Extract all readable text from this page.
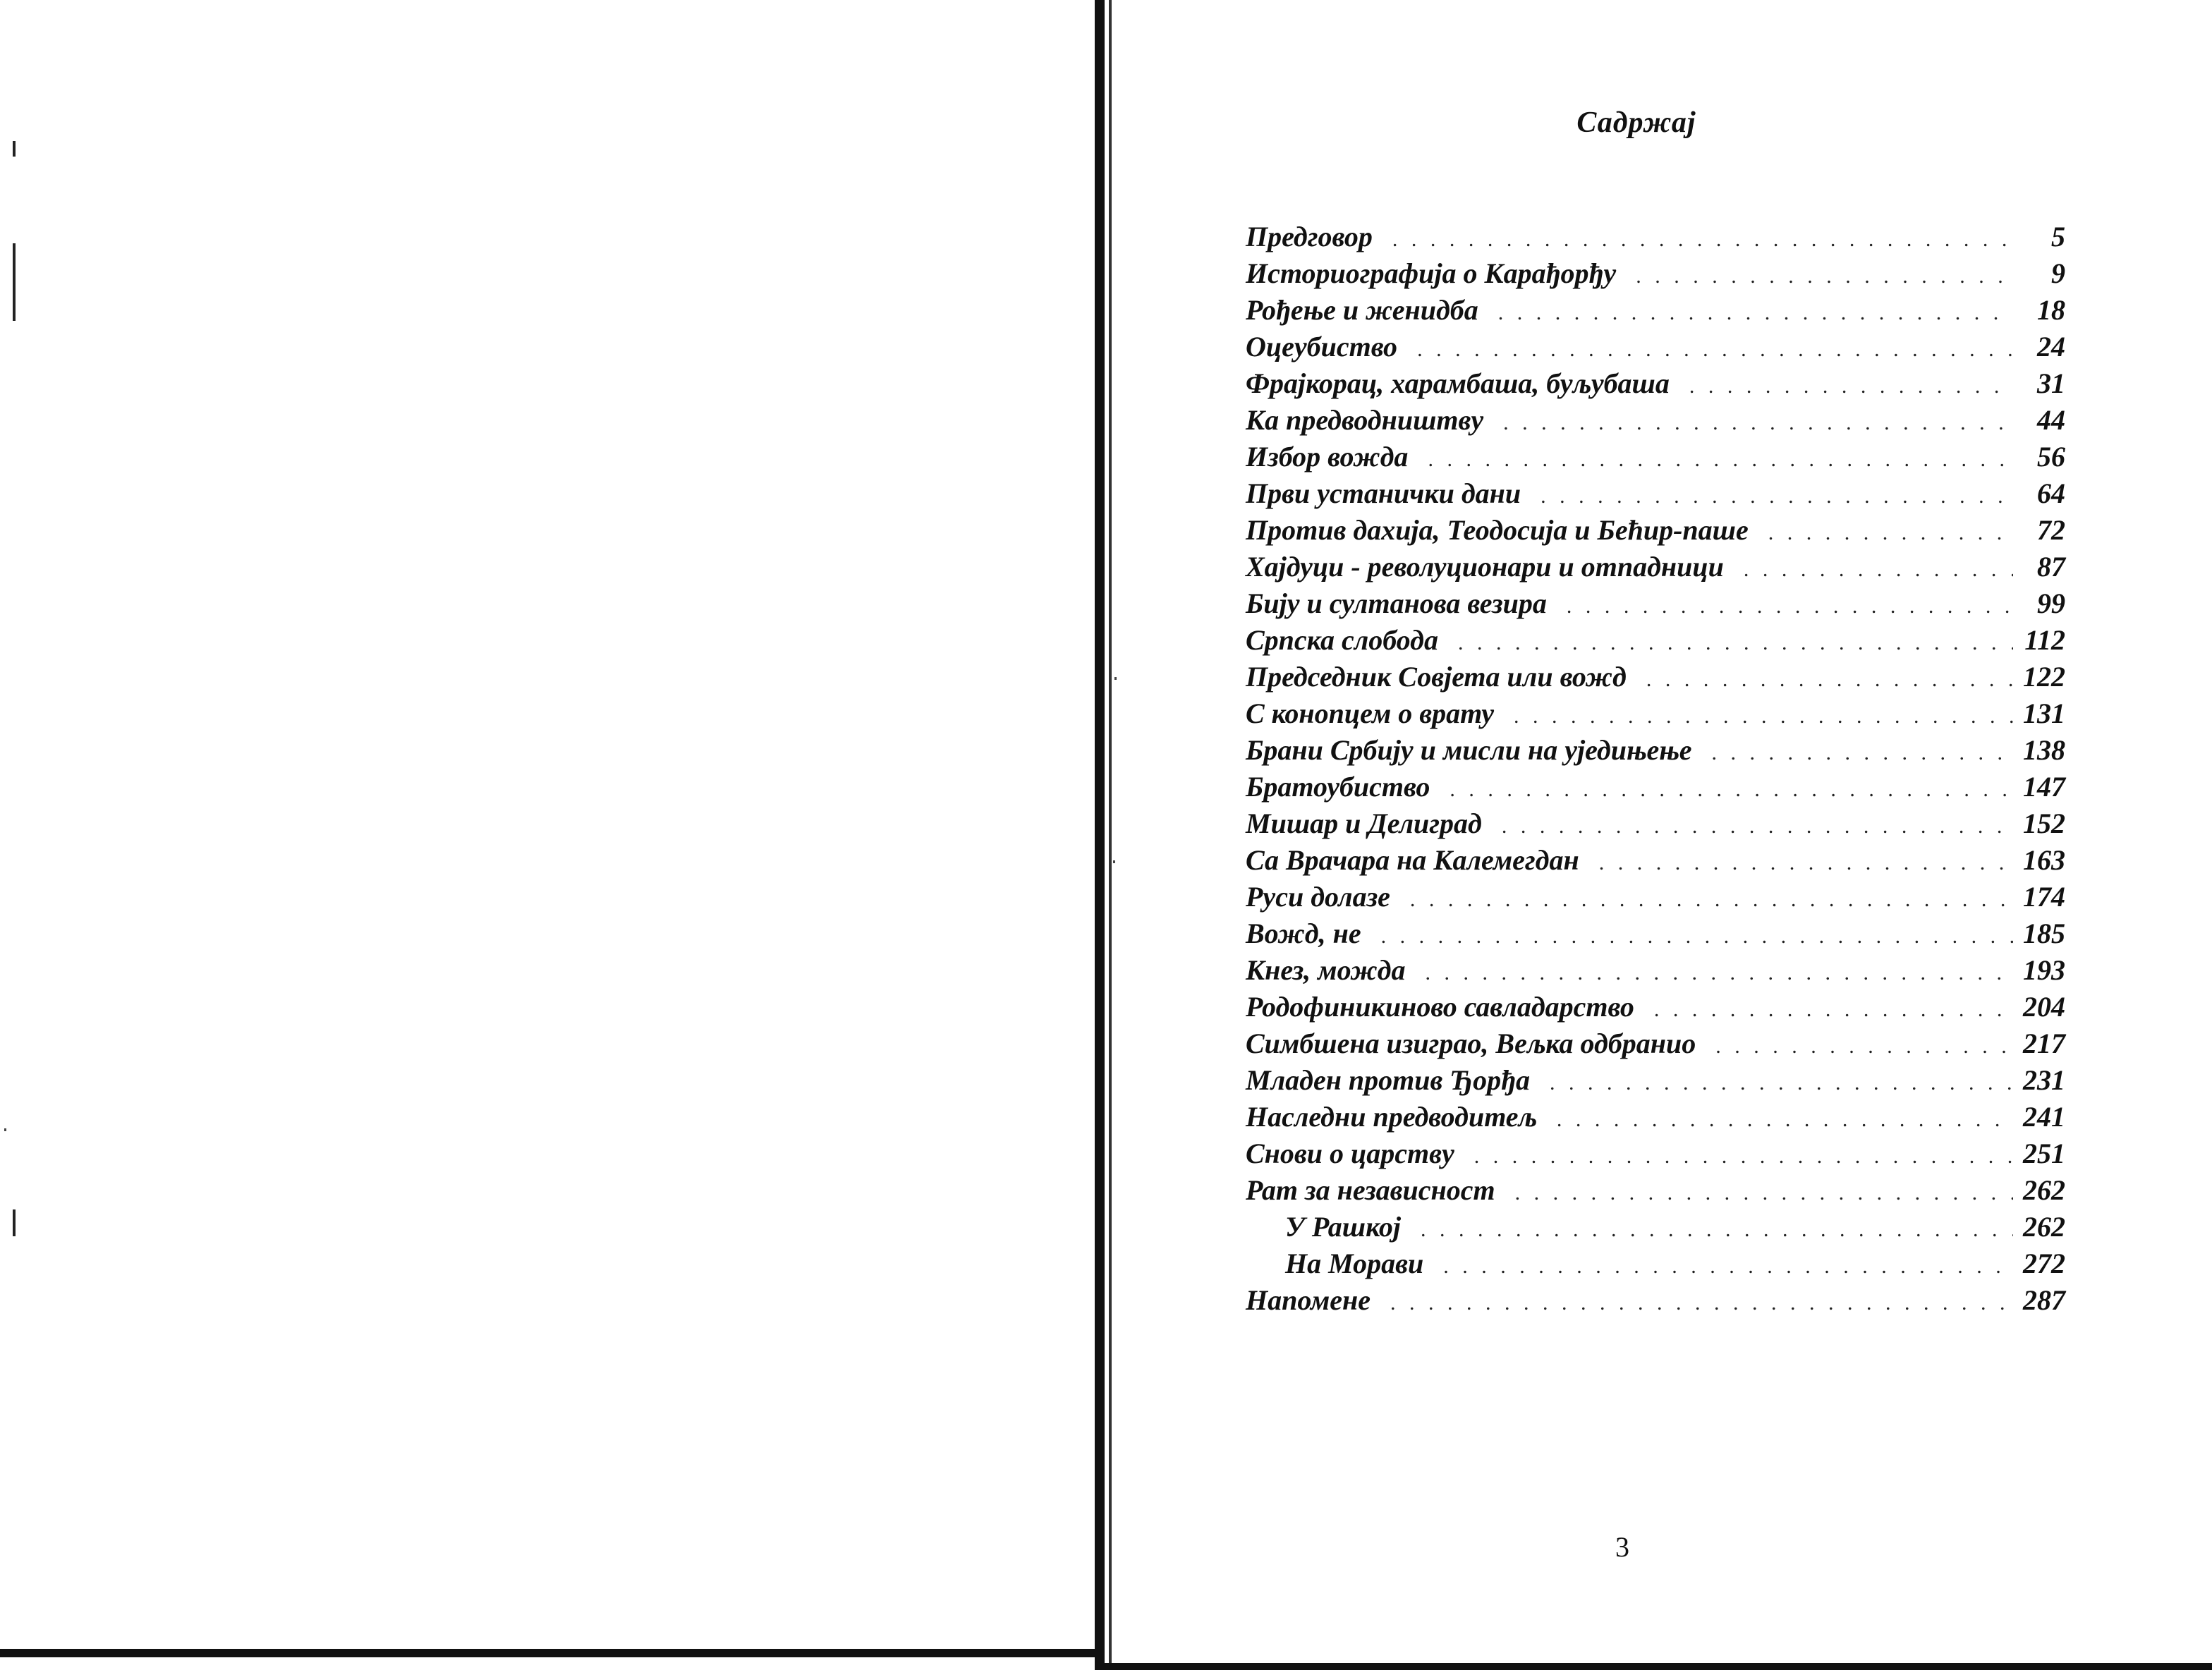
Садржај
Предговор . . .	5
Историографија о Карађорђу . . .	9
Рођење и женидба . . .	18
Оцеубиство . . .	24
Фрајкорац, харамбаша, буљубаша . . .	31
Ка предводништву . . .	44
Избор вожда . . .	56
Први устанички дани . . .	64
Против дахија, Теодосија и Бећир-паше . . .	72
Хајдуци - револуционари и отпадници . . .	87
Бију и султанова везира . . .	99
Српска слобода . . .	112
Председник Совјета или вожд . . .	122
С конопцем о врату . . .	131
Брани Србију и мисли на уједињење . . .	138
Братоубиство . . .	147
Мишар и Делиград . . .	152
Са Врачара на Калемегдан . . .	163
Руси долазе . . .	174
Вожд, не . . .	185
Кнез, можда . . .	193
Родофиникиново савладарство . . .	204
Симбшена изиграо, Вељка одбранио . . .	217
Младен против Ђорђа . . .	231
Наследни предводитељ . . .	241
Снови о царству . . .	251
Рат за независност . . .	262
У Рашкој . . .	262
На Морави . . .	272
Напомене . . .	287
3
